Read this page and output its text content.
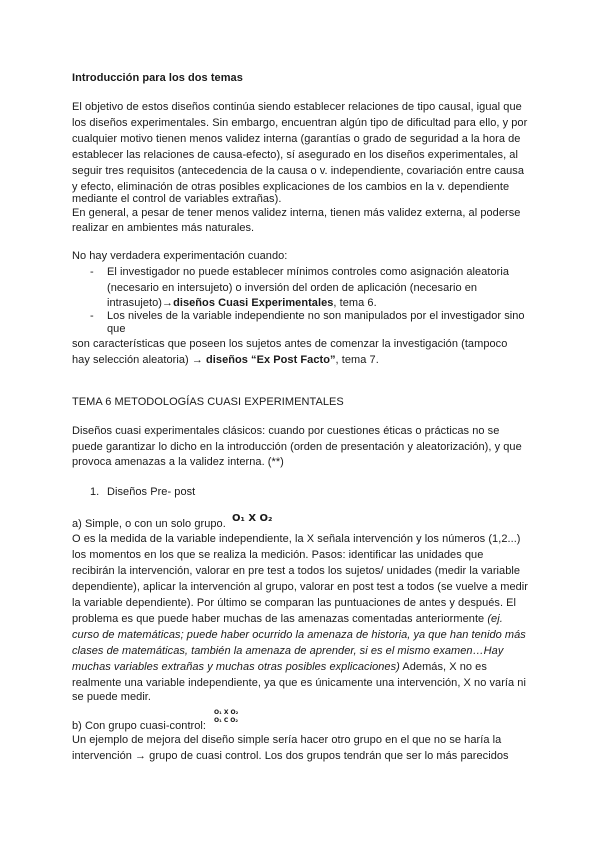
Introducción para los dos temas
El objetivo de estos diseños continúa siendo establecer relaciones de tipo causal, igual que
los diseños experimentales. Sin embargo, encuentran algún tipo de dificultad para ello, y por
cualquier motivo tienen menos validez interna (garantías o grado de seguridad a la hora de
establecer las relaciones de causa-efecto), sí asegurado en los diseños experimentales, al
seguir tres requisitos (antecedencia de la causa o v. independiente, covariación entre causa
y efecto, eliminación de otras posibles explicaciones de los cambios en la v. dependiente
mediante el control de variables extrañas).
En general, a pesar de tener menos validez interna, tienen más validez externa, al poderse
realizar en ambientes más naturales.
No hay verdadera experimentación cuando:
- El investigador no puede establecer mínimos controles como asignación aleatoria
(necesario en intersujeto) o inversión del orden de aplicación (necesario en
intrasujeto)→diseños Cuasi Experimentales, tema 6.
- Los niveles de la variable independiente no son manipulados por el investigador sino
que
son características que poseen los sujetos antes de comenzar la investigación (tampoco
hay selección aleatoria) → diseños “Ex Post Facto”, tema 7.
TEMA 6 METODOLOGÍAS CUASI EXPERIMENTALES
Diseños cuasi experimentales clásicos: cuando por cuestiones éticas o prácticas no se
puede garantizar lo dicho en la introducción (orden de presentación y aleatorización), y que
provoca amenazas a la validez interna. (**)
1. Diseños Pre- post
a) Simple, o con un solo grupo. O₁ X O₂
O es la medida de la variable independiente, la X señala intervención y los números (1,2...)
los momentos en los que se realiza la medición. Pasos: identificar las unidades que
recibirán la intervención, valorar en pre test a todos los sujetos/ unidades (medir la variable
dependiente), aplicar la intervención al grupo, valorar en post test a todos (se vuelve a medir
la variable dependiente). Por último se comparan las puntuaciones de antes y después. El
problema es que puede haber muchas de las amenazas comentadas anteriormente (ej.
curso de matemáticas; puede haber ocurrido la amenaza de historia, ya que han tenido más
clases de matemáticas, también la amenaza de aprender, si es el mismo examen…Hay
muchas variables extrañas y muchas otras posibles explicaciones) Además, X no es
realmente una variable independiente, ya que es únicamente una intervención, X no varía ni
se puede medir.
b) Con grupo cuasi-control:
O₁ X O₂
O₁ C O₂
Un ejemplo de mejora del diseño simple sería hacer otro grupo en el que no se haría la
intervención → grupo de cuasi control. Los dos grupos tendrán que ser lo más parecidos
